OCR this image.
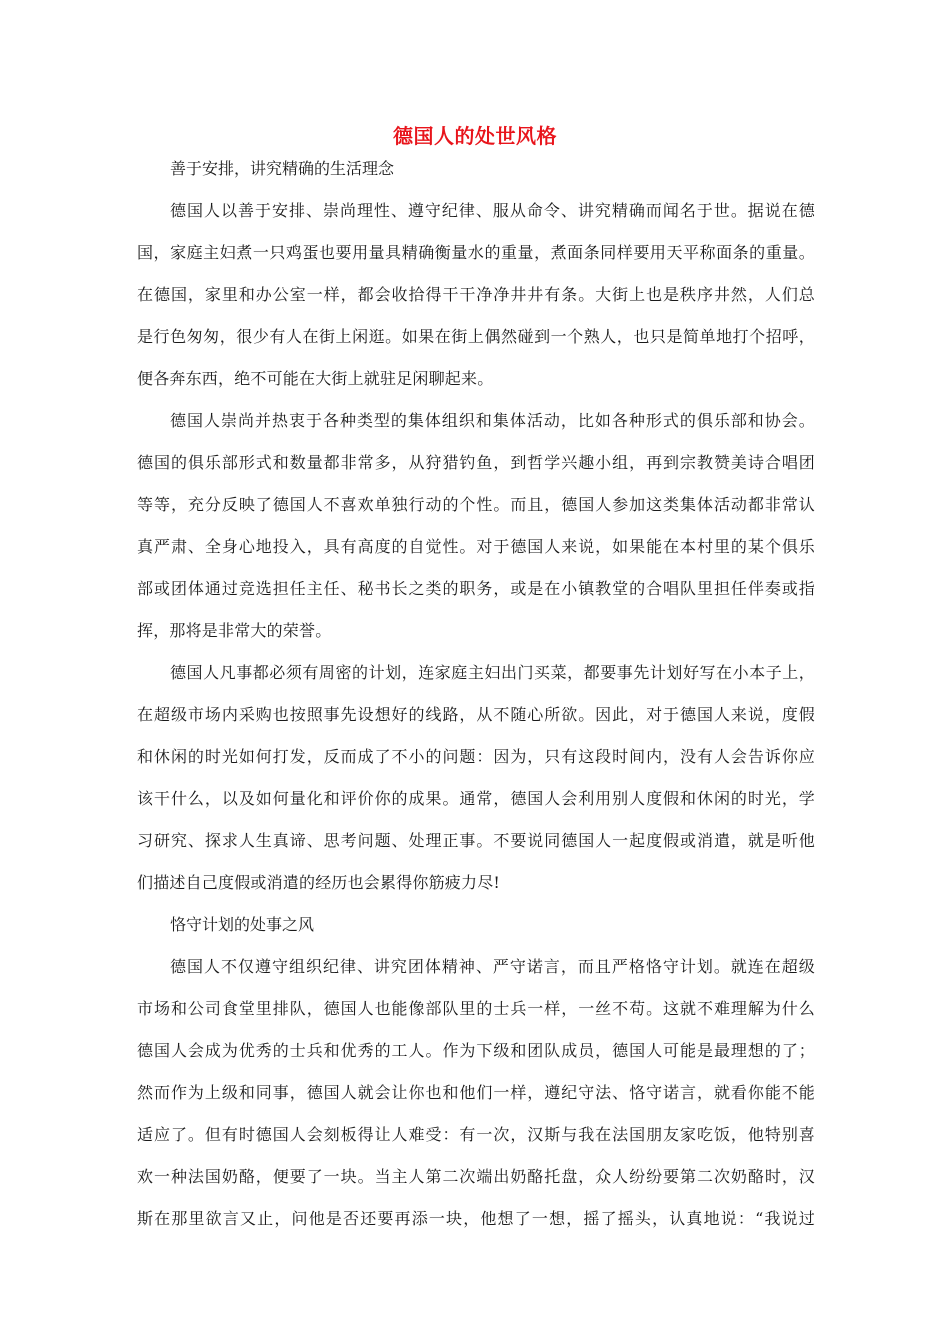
德国人的处世风格
善于安排，讲究精确的生活理念
德国人以善于安排、崇尚理性、遵守纪律、服从命令、讲究精确而闻名于世。据说在德
国，家庭主妇煮一只鸡蛋也要用量具精确衡量水的重量，煮面条同样要用天平称面条的重量。
在德国，家里和办公室一样，都会收拾得干干净净井井有条。大街上也是秩序井然，人们总
是行色匆匆，很少有人在街上闲逛。如果在街上偶然碰到一个熟人，也只是简单地打个招呼，
便各奔东西，绝不可能在大街上就驻足闲聊起来。
德国人崇尚并热衷于各种类型的集体组织和集体活动，比如各种形式的俱乐部和协会。
德国的俱乐部形式和数量都非常多，从狩猎钓鱼，到哲学兴趣小组，再到宗教赞美诗合唱团
等等，充分反映了德国人不喜欢单独行动的个性。而且，德国人参加这类集体活动都非常认
真严肃、全身心地投入，具有高度的自觉性。对于德国人来说，如果能在本村里的某个俱乐
部或团体通过竞选担任主任、秘书长之类的职务，或是在小镇教堂的合唱队里担任伴奏或指
挥，那将是非常大的荣誉。
德国人凡事都必须有周密的计划，连家庭主妇出门买菜，都要事先计划好写在小本子上，
在超级市场内采购也按照事先设想好的线路，从不随心所欲。因此，对于德国人来说，度假
和休闲的时光如何打发，反而成了不小的问题：因为，只有这段时间内，没有人会告诉你应
该干什么，以及如何量化和评价你的成果。通常，德国人会利用别人度假和休闲的时光，学
习研究、探求人生真谛、思考问题、处理正事。不要说同德国人一起度假或消遣，就是听他
们描述自己度假或消遣的经历也会累得你筋疲力尽!
恪守计划的处事之风
德国人不仅遵守组织纪律、讲究团体精神、严守诺言，而且严格恪守计划。就连在超级
市场和公司食堂里排队，德国人也能像部队里的士兵一样，一丝不苟。这就不难理解为什么
德国人会成为优秀的士兵和优秀的工人。作为下级和团队成员，德国人可能是最理想的了；
然而作为上级和同事，德国人就会让你也和他们一样，遵纪守法、恪守诺言，就看你能不能
适应了。但有时德国人会刻板得让人难受：有一次，汉斯与我在法国朋友家吃饭，他特别喜
欢一种法国奶酪，便要了一块。当主人第二次端出奶酪托盘，众人纷纷要第二次奶酪时，汉
斯在那里欲言又止，问他是否还要再添一块，他想了一想，摇了摇头，认真地说：“我说过
